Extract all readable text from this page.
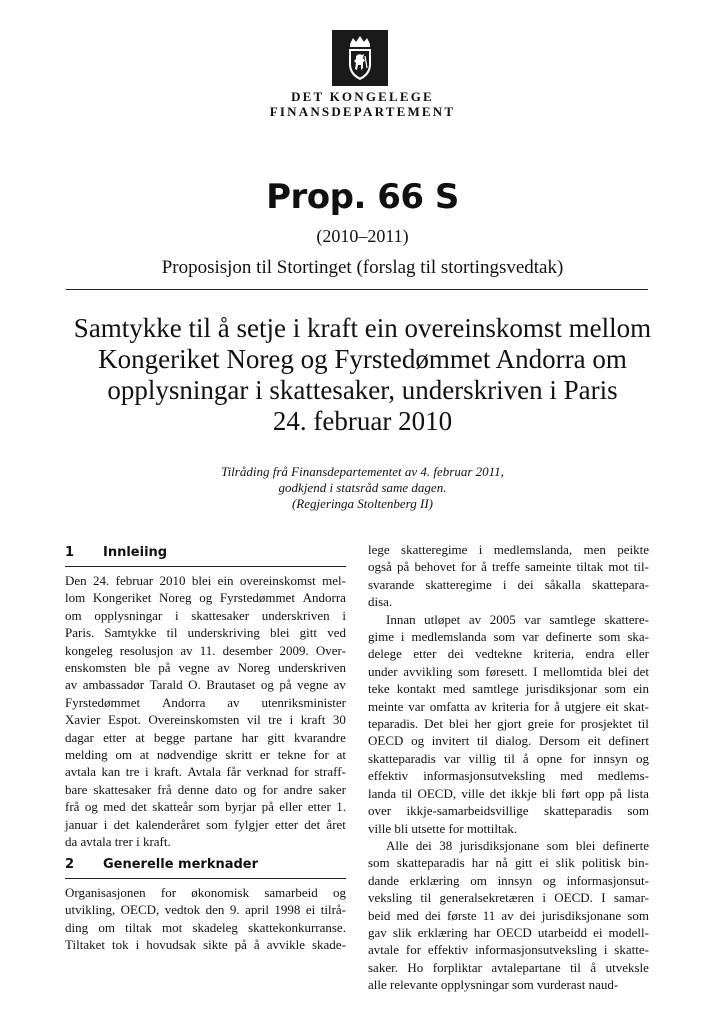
DET KONGELEGE
FINANSDEPARTEMENT
Prop. 66 S
(2010–2011)
Proposisjon til Stortinget (forslag til stortingsvedtak)
Samtykke til å setje i kraft ein overeinskomst mellom
Kongeriket Noreg og Fyrstedømmet Andorra om
opplysningar i skattesaker, underskriven i Paris
24. februar 2010
Tilråding frå Finansdepartementet av 4. februar 2011,
godkjend i statsråd same dagen.
(Regjeringa Stoltenberg II)
1 Innleiing
Den 24. februar 2010 blei ein overeinskomst mel-
lom Kongeriket Noreg og Fyrstedømmet Andorra
om opplysningar i skattesaker underskriven i
Paris. Samtykke til underskriving blei gitt ved
kongeleg resolusjon av 11. desember 2009. Over-
enskomsten ble på vegne av Noreg underskriven
av ambassadør Tarald O. Brautaset og på vegne av
Fyrstedømmet Andorra av utenriksminister
Xavier Espot. Overeinskomsten vil tre i kraft 30
dagar etter at begge partane har gitt kvarandre
melding om at nødvendige skritt er tekne for at
avtala kan tre i kraft. Avtala får verknad for straff-
bare skattesaker frå denne dato og for andre saker
frå og med det skatteår som byrjar på eller etter 1.
januar i det kalenderåret som fylgjer etter det året
da avtala trer i kraft.
2 Generelle merknader
Organisasjonen for økonomisk samarbeid og
utvikling, OECD, vedtok den 9. april 1998 ei tilrå-
ding om tiltak mot skadeleg skattekonkurranse.
Tiltaket tok i hovudsak sikte på å avvikle skade-
lege skatteregime i medlemslanda, men peikte
også på behovet for å treffe sameinte tiltak mot til-
svarande skatteregime i dei såkalla skattepara-
disa.
Innan utløpet av 2005 var samtlege skattere-
gime i medlemslanda som var definerte som ska-
delege etter dei vedtekne kriteria, endra eller
under avvikling som føresett. I mellomtida blei det
teke kontakt med samtlege jurisdiksjonar som ein
meinte var omfatta av kriteria for å utgjere eit skat-
teparadis. Det blei her gjort greie for prosjektet til
OECD og invitert til dialog. Dersom eit definert
skatteparadis var villig til å opne for innsyn og
effektiv informasjonsutveksling med medlems-
landa til OECD, ville det ikkje bli ført opp på lista
over ikkje-samarbeidsvillige skatteparadis som
ville bli utsette for mottiltak.
Alle dei 38 jurisdiksjonane som blei definerte
som skatteparadis har nå gitt ei slik politisk bin-
dande erklæring om innsyn og informasjonsut-
veksling til generalsekretæren i OECD. I samar-
beid med dei første 11 av dei jurisdiksjonane som
gav slik erklæring har OECD utarbeidd ei modell-
avtale for effektiv informasjonsutveksling i skatte-
saker. Ho forpliktar avtalepartane til å utveksle
alle relevante opplysningar som vurderast naud-
